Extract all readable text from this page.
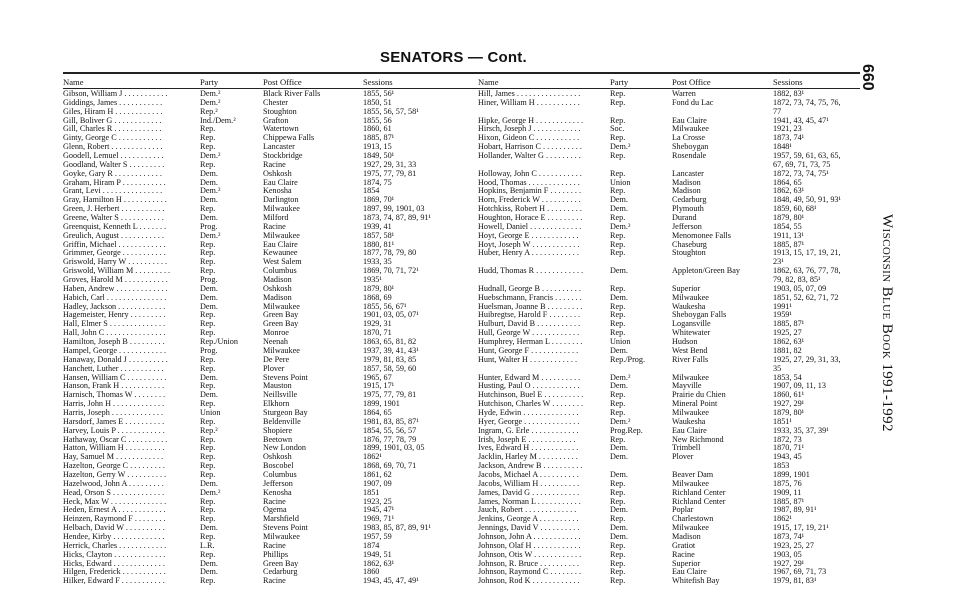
SENATORS — Cont.
Name	Party	Post Office	Sessions	Name	Party	Post Office	Sessions
Gibson, William J . . . . . . . . . . .	Dem.²	Black River Falls	1855, 56¹
Giddings, James . . . . . . . . . . .	Dem.²	Chester	1850, 51
Giles, Hiram H . . . . . . . . . . . .	Rep.²	Stoughton	1855, 56, 57, 58¹
Gill, Boliver G . . . . . . . . . . . .	Ind./Dem.²	Grafton	1855, 56
Gill, Charles R . . . . . . . . . . . .	Rep.	Watertown	1860, 61
Ginty, George C . . . . . . . . . . .	Rep.	Chippewa Falls	1885, 87¹
Glenn, Robert . . . . . . . . . . . . .	Rep.	Lancaster	1913, 15
Goodell, Lemuel . . . . . . . . . . .	Dem.²	Stockbridge	1849, 50¹
Goodland, Walter S . . . . . . . . .	Rep.	Racine	1927, 29, 31, 33
Goyke, Gary R . . . . . . . . . . . .	Dem.	Oshkosh	1975, 77, 79, 81
Graham, Hiram P . . . . . . . . . . .	Dem.	Eau Claire	1874, 75
Grant, Levi . . . . . . . . . . . . . . .	Dem.²	Kenosha	1854
Gray, Hamilton H . . . . . . . . . . .	Dem.	Darlington	1869, 70¹
Green, J. Herbert . . . . . . . . . . .	Rep.	Milwaukee	1897, 99, 1901, 03
Greene, Walter S . . . . . . . . . . .	Dem.	Milford	1873, 74, 87, 89, 91¹
Greenquist, Kenneth L . . . . . . .	Prog.	Racine	1939, 41
Greulich, August . . . . . . . . . . .	Dem.²	Milwaukee	1857, 58¹
Griffin, Michael . . . . . . . . . . . .	Rep.	Eau Claire	1880, 81¹
Grimmer, George . . . . . . . . . . .	Rep.	Kewaunee	1877, 78, 79, 80
Griswold, Harry W . . . . . . . . . .	Rep.	West Salem	1933, 35
Griswold, William M . . . . . . . . .	Rep.	Columbus	1869, 70, 71, 72¹
Groves, Harold M . . . . . . . . . . .	Prog.	Madison	1935¹
Haben, Andrew . . . . . . . . . . . . .	Dem.	Oshkosh	1879, 80¹
Habich, Carl . . . . . . . . . . . . . . .	Dem.	Madison	1868, 69
Hadley, Jackson . . . . . . . . . . . .	Dem.	Milwaukee	1855, 56, 67¹
Hagemeister, Henry . . . . . . . . .	Rep.	Green Bay	1901, 03, 05, 07¹
Hall, Elmer S . . . . . . . . . . . . . .	Rep.	Green Bay	1929, 31
Hall, John C . . . . . . . . . . . . . . .	Rep.	Monroe	1870, 71
Hamilton, Joseph B . . . . . . . . .	Rep./Union	Neenah	1863, 65, 81, 82
Hampel, George . . . . . . . . . . . .	Prog.	Milwaukee	1937, 39, 41, 43¹
Hanaway, Donald J . . . . . . . . . .	Rep.	De Pere	1979, 81, 83, 85
Hanchett, Luther . . . . . . . . . . .	Rep.	Plover	1857, 58, 59, 60
Hansen, William C . . . . . . . . . .	Dem.	Stevens Point	1965, 67
Hanson, Frank H . . . . . . . . . . .	Rep.	Mauston	1915, 17¹
Harnisch, Thomas W . . . . . . . .	Dem.	Neillsville	1975, 77, 79, 81
Harris, John H . . . . . . . . . . . . .	Rep.	Elkhorn	1899, 1901
Harris, Joseph . . . . . . . . . . . . .	Union	Sturgeon Bay	1864, 65
Harsdorf, James E . . . . . . . . . .	Rep.	Beldenville	1981, 83, 85, 87¹
Harvey, Louis P . . . . . . . . . . . .	Rep.²	Shopiere	1854, 55, 56, 57
Hathaway, Oscar C . . . . . . . . . .	Rep.	Beetown	1876, 77, 78, 79
Hatton, William H . . . . . . . . . .	Rep.	New London	1899, 1901, 03, 05
Hay, Samuel M . . . . . . . . . . . .	Rep.	Oshkosh	1862¹
Hazelton, George C . . . . . . . . .	Rep.	Boscobel	1868, 69, 70, 71
Hazelton, Gerry W . . . . . . . . . .	Rep.	Columbus	1861, 62
Hazelwood, John A . . . . . . . . .	Dem.	Jefferson	1907, 09
Head, Orson S . . . . . . . . . . . . .	Dem.²	Kenosha	1851
Heck, Max W . . . . . . . . . . . . . .	Rep.	Racine	1923, 25
Heden, Ernest A . . . . . . . . . . . .	Rep.	Ogema	1945, 47¹
Heinzen, Raymond F . . . . . . . .	Rep.	Marshfield	1969, 71¹
Helbach, David W . . . . . . . . . .	Dem.	Stevens Point	1983, 85, 87, 89, 91¹
Hendee, Kirby . . . . . . . . . . . . .	Rep.	Milwaukee	1957, 59
Herrick, Charles . . . . . . . . . . . .	L.R.	Racine	1874
Hicks, Clayton . . . . . . . . . . . . .	Rep.	Phillips	1949, 51
Hicks, Edward . . . . . . . . . . . . .	Dem.	Green Bay	1862, 63¹
Hilgen, Frederick . . . . . . . . . . .	Dem.	Cedarburg	1860
Hilker, Edward F . . . . . . . . . . .	Rep.	Racine	1943, 45, 47, 49¹
Hill, James . . . . . . . . . . . . . . . .	Rep.	Warren	1882, 83¹
Hiner, William H . . . . . . . . . . .	Rep.	Fond du Lac	1872, 73, 74, 75, 76,
77
Hipke, George H . . . . . . . . . . . .	Rep.	Eau Claire	1941, 43, 45, 47¹
Hirsch, Joseph J . . . . . . . . . . . .	Soc.	Milwaukee	1921, 23
Hixon, Gideon C . . . . . . . . . . .	Rep.	La Crosse	1873, 74¹
Hobart, Harrison C . . . . . . . . . .	Dem.²	Sheboygan	1848¹
Hollander, Walter G . . . . . . . . .	Rep.	Rosendale	1957, 59, 61, 63, 65,
67, 69, 71, 73, 75
Holloway, John C . . . . . . . . . . .	Rep.	Lancaster	1872, 73, 74, 75¹
Hood, Thomas . . . . . . . . . . . . .	Union	Madison	1864, 65
Hopkins, Benjamin F . . . . . . . .	Rep.	Madison	1862, 63¹
Horn, Frederick W . . . . . . . . . .	Dem.	Cedarburg	1848, 49, 50, 91, 93¹
Hotchkiss, Robert H . . . . . . . . .	Dem.	Plymouth	1859, 60, 68¹
Houghton, Horace E . . . . . . . . .	Rep.	Durand	1879, 80¹
Howell, Daniel . . . . . . . . . . . . .	Dem.²	Jefferson	1854, 55
Hoyt, George E . . . . . . . . . . . .	Rep.	Menomonee Falls	1911, 13¹
Hoyt, Joseph W . . . . . . . . . . . .	Rep.	Chaseburg	1885, 87¹
Huber, Henry A . . . . . . . . . . . .	Rep.	Stoughton	1913, 15, 17, 19, 21,
23¹
Hudd, Thomas R . . . . . . . . . . . .	Dem.	Appleton/Green Bay	1862, 63, 76, 77, 78,
79, 82, 83, 85¹
Hudnall, George B . . . . . . . . . .	Rep.	Superior	1903, 05, 07, 09
Huebschmann, Francis . . . . . . .	Dem.	Milwaukee	1851, 52, 62, 71, 72
Huelsman, Joanne B . . . . . . . . .	Rep.	Waukesha	1991¹
Huibregtse, Harold F . . . . . . . .	Rep.	Sheboygan Falls	1959¹
Hulburt, David B . . . . . . . . . . .	Rep.	Logansville	1885, 87¹
Hull, George W . . . . . . . . . . . .	Rep.	Whitewater	1925, 27
Humphrey, Herman L . . . . . . . .	Union	Hudson	1862, 63¹
Hunt, George F . . . . . . . . . . . .	Dem.	West Bend	1881, 82
Hunt, Walter H . . . . . . . . . . . .	Rep./Prog.	River Falls	1925, 27, 29, 31, 33,
35
Hunter, Edward M . . . . . . . . . .	Dem.²	Milwaukee	1853, 54
Husting, Paul O . . . . . . . . . . . .	Dem.	Mayville	1907, 09, 11, 13
Hutchinson, Buel E . . . . . . . . . .	Rep.	Prairie du Chien	1860, 61¹
Hutchison, Charles W . . . . . . . .	Rep.	Mineral Point	1927, 29¹
Hyde, Edwin . . . . . . . . . . . . . .	Rep.	Milwaukee	1879, 80¹
Hyer, George . . . . . . . . . . . . . .	Dem.²	Waukesha	1851¹
Ingram, G. Erle . . . . . . . . . . . .	Prog.Rep.	Eau Claire	1933, 35, 37, 39¹
Irish, Joseph E . . . . . . . . . . . .	Rep.	New Richmond	1872, 73
Ives, Edward H . . . . . . . . . . . .	Dem.	Trimbell	1870, 71¹
Jacklin, Harley M . . . . . . . . . .	Dem.	Plover	1943, 45
Jackson, Andrew B . . . . . . . . . .	1853
Jacobs, Michael A . . . . . . . . . .	Dem.	Beaver Dam	1899, 1901
Jacobs, William H . . . . . . . . . .	Rep.	Milwaukee	1875, 76
James, David G . . . . . . . . . . . .	Rep.	Richland Center	1909, 11
James, Norman L . . . . . . . . . . .	Rep.	Richland Center	1885, 87¹
Jauch, Robert . . . . . . . . . . . . .	Dem.	Poplar	1987, 89, 91¹
Jenkins, George A . . . . . . . . . .	Rep.	Charlestown	1862¹
Jennings, David V . . . . . . . . . .	Dem.	Milwaukee	1915, 17, 19, 21¹
Johnson, John A . . . . . . . . . . . .	Dem.	Madison	1873, 74¹
Johnson, Olaf H . . . . . . . . . . . .	Rep.	Gratiot	1923, 25, 27
Johnson, Otis W . . . . . . . . . . . .	Rep.	Racine	1903, 05
Johnson, R. Bruce . . . . . . . . . .	Rep.	Superior	1927, 29¹
Johnson, Raymond C . . . . . . . .	Rep.	Eau Claire	1967, 69, 71, 73
Johnson, Rod K . . . . . . . . . . . .	Rep.	Whitefish Bay	1979, 81, 83¹
660
Wisconsin Blue Book 1991-1992
